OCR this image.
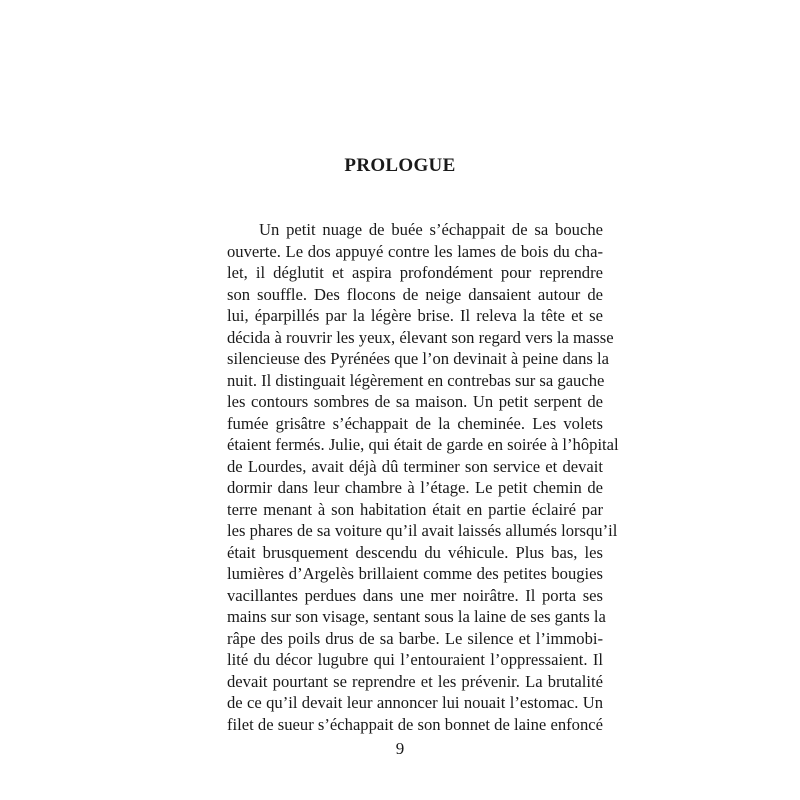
PROLOGUE
Un petit nuage de buée s’échappait de sa bouche
ouverte. Le dos appuyé contre les lames de bois du cha-
let, il déglutit et aspira profondément pour reprendre
son souffle. Des flocons de neige dansaient autour de
lui, éparpillés par la légère brise. Il releva la tête et se
décida à rouvrir les yeux, élevant son regard vers la masse
silencieuse des Pyrénées que l’on devinait à peine dans la
nuit. Il distinguait légèrement en contrebas sur sa gauche
les contours sombres de sa maison. Un petit serpent de
fumée grisâtre s’échappait de la cheminée. Les volets
étaient fermés. Julie, qui était de garde en soirée à l’hôpital
de Lourdes, avait déjà dû terminer son service et devait
dormir dans leur chambre à l’étage. Le petit chemin de
terre menant à son habitation était en partie éclairé par
les phares de sa voiture qu’il avait laissés allumés lorsqu’il
était brusquement descendu du véhicule. Plus bas, les
lumières d’Argelès brillaient comme des petites bougies
vacillantes perdues dans une mer noirâtre. Il porta ses
mains sur son visage, sentant sous la laine de ses gants la
râpe des poils drus de sa barbe. Le silence et l’immobi-
lité du décor lugubre qui l’entouraient l’oppressaient. Il
devait pourtant se reprendre et les prévenir. La brutalité
de ce qu’il devait leur annoncer lui nouait l’estomac. Un
filet de sueur s’échappait de son bonnet de laine enfoncé
9
